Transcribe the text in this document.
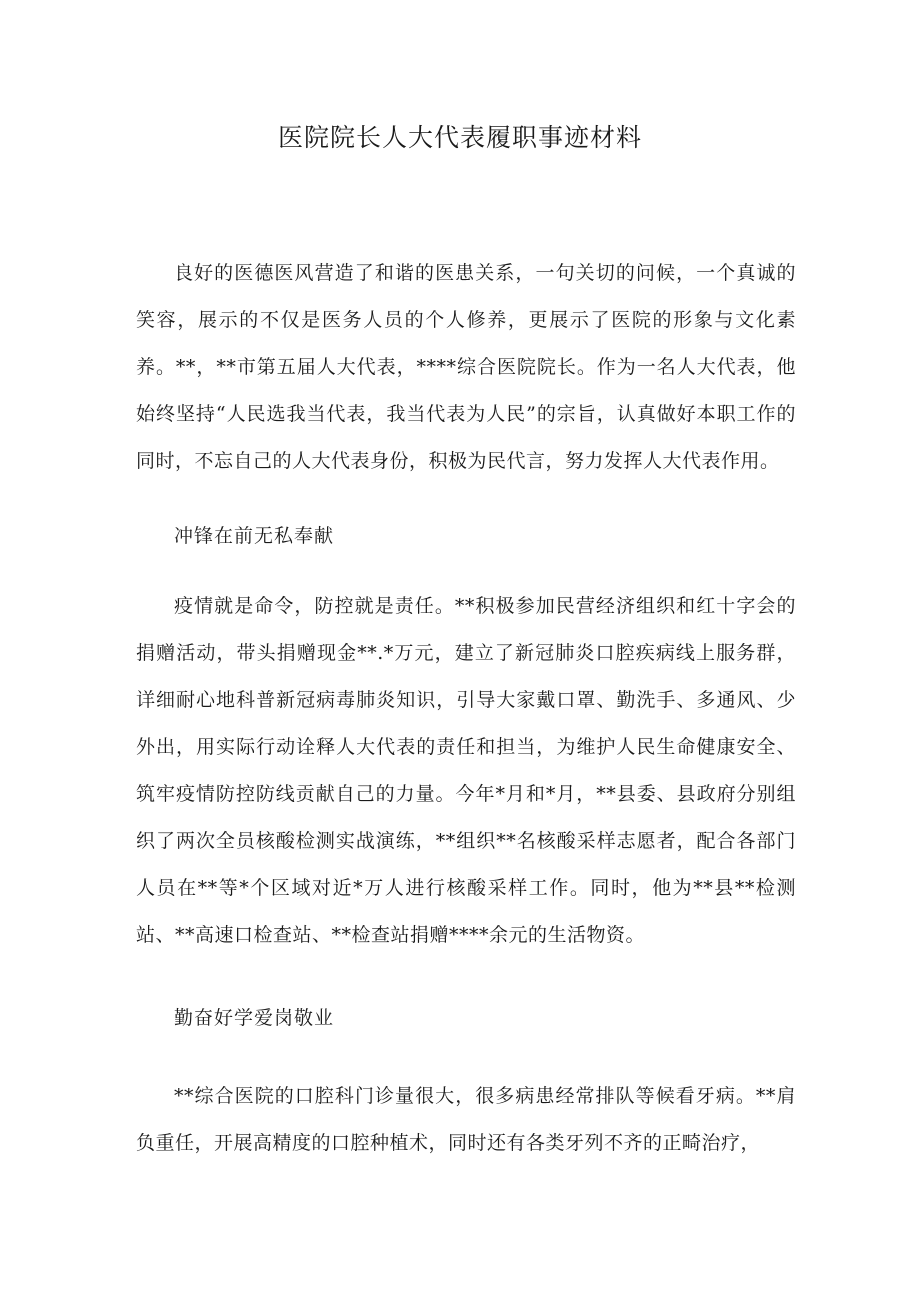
医院院长人大代表履职事迹材料

良好的医德医风营造了和谐的医患关系，一句关切的问候，一个真诚的笑容，展示的不仅是医务人员的个人修养，更展示了医院的形象与文化素养。**，**市第五届人大代表，****综合医院院长。作为一名人大代表，他始终坚持“人民选我当代表，我当代表为人民”的宗旨，认真做好本职工作的同时，不忘自己的人大代表身份，积极为民代言，努力发挥人大代表作用。

冲锋在前无私奉献

疫情就是命令，防控就是责任。**积极参加民营经济组织和红十字会的捐赠活动，带头捐赠现金**.*万元，建立了新冠肺炎口腔疾病线上服务群，详细耐心地科普新冠病毒肺炎知识，引导大家戴口罩、勤洗手、多通风、少外出，用实际行动诠释人大代表的责任和担当，为维护人民生命健康安全、筑牢疫情防控防线贡献自己的力量。今年*月和*月，**县委、县政府分别组织了两次全员核酸检测实战演练，**组织**名核酸采样志愿者，配合各部门人员在**等*个区域对近*万人进行核酸采样工作。同时，他为**县**检测站、**高速口检查站、**检查站捐赠****余元的生活物资。

勤奋好学爱岗敬业

**综合医院的口腔科门诊量很大，很多病患经常排队等候看牙病。**肩负重任，开展高精度的口腔种植术，同时还有各类牙列不齐的正畸治疗，
